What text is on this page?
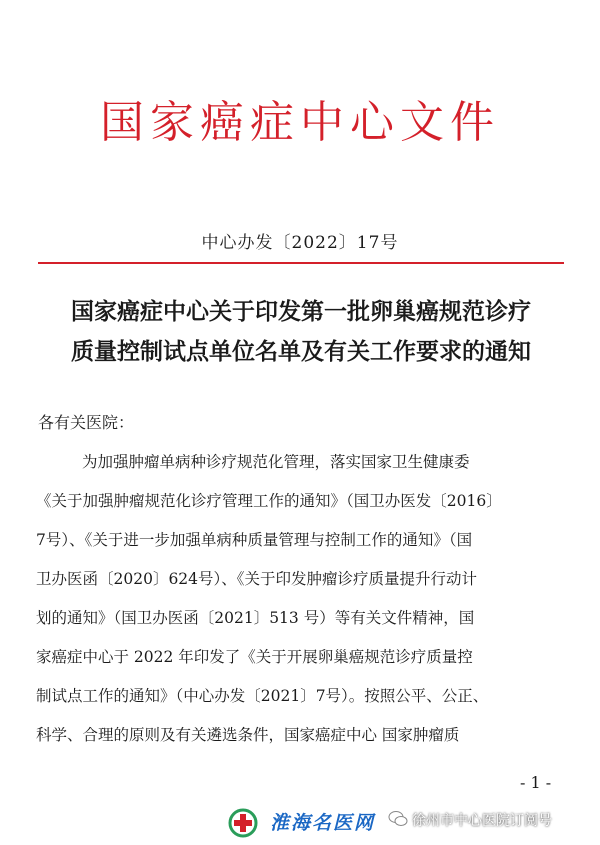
国家癌症中心文件
中心办发〔2022〕17号
国家癌症中心关于印发第一批卵巢癌规范诊疗
质量控制试点单位名单及有关工作要求的通知
各有关医院：
为加强肿瘤单病种诊疗规范化管理，落实国家卫生健康委
《关于加强肿瘤规范化诊疗管理工作的通知》（国卫办医发〔2016〕
7号）、《关于进一步加强单病种质量管理与控制工作的通知》（国
卫办医函〔2020〕624号）、《关于印发肿瘤诊疗质量提升行动计
划的通知》（国卫办医函〔2021〕513 号）等有关文件精神，国
家癌症中心于 2022 年印发了《关于开展卵巢癌规范诊疗质量控
制试点工作的通知》（中心办发〔2021〕7号）。按照公平、公正、
科学、合理的原则及有关遴选条件，国家癌症中心 国家肿瘤质
- 1 -
淮海名医网	徐州市中心医院订阅号
